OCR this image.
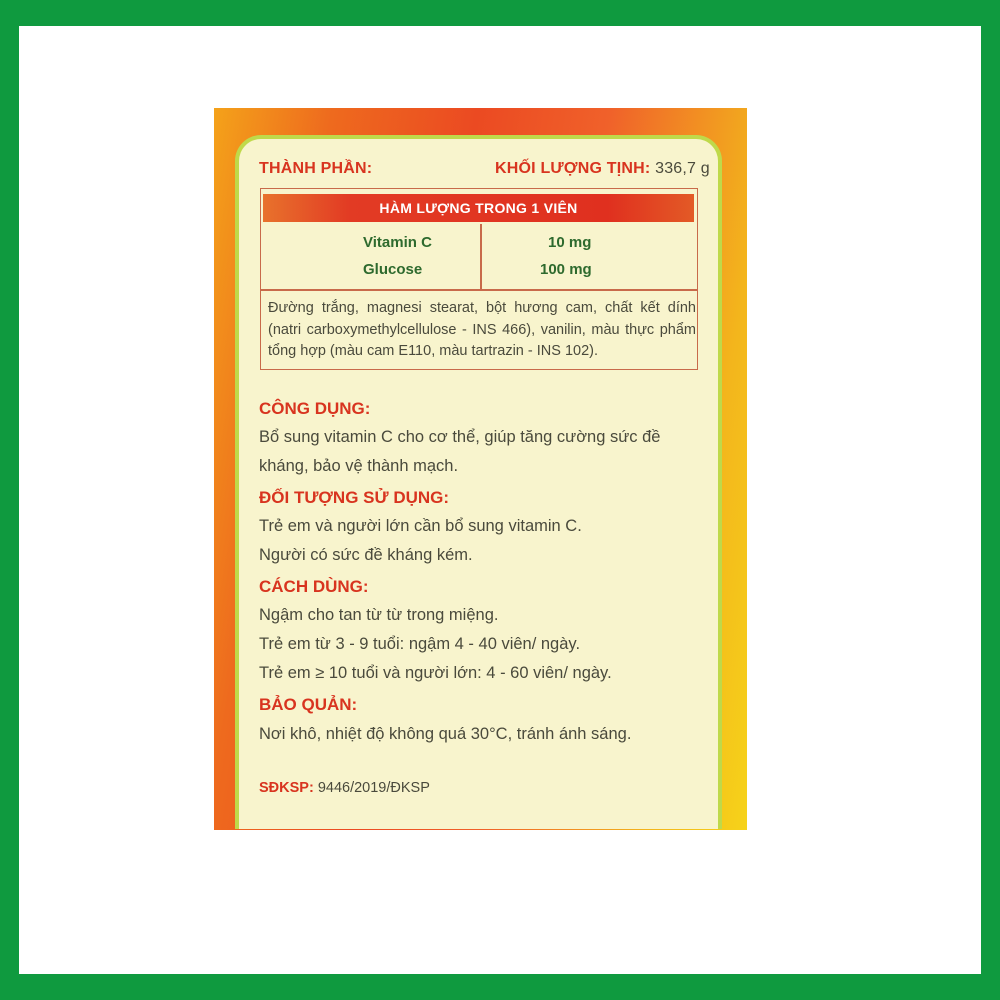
THÀNH PHẦN:	KHỐI LƯỢNG TỊNH: 336,7 g
HÀM LƯỢNG TRONG 1 VIÊN
Vitamin C	10 mg
Glucose	100 mg
Đường trắng, magnesi stearat, bột hương cam, chất kết dính (natri carboxymethylcellulose - INS 466), vanilin, màu thực phẩm tổng hợp (màu cam E110, màu tartrazin - INS 102).
CÔNG DỤNG:
Bổ sung vitamin C cho cơ thể, giúp tăng cường sức đề
kháng, bảo vệ thành mạch.
ĐỐI TƯỢNG SỬ DỤNG:
Trẻ em và người lớn cần bổ sung vitamin C.
Người có sức đề kháng kém.
CÁCH DÙNG:
Ngậm cho tan từ từ trong miệng.
Trẻ em từ 3 - 9 tuổi: ngậm 4 - 40 viên/ ngày.
Trẻ em ≥ 10 tuổi và người lớn: 4 - 60 viên/ ngày.
BẢO QUẢN:
Nơi khô, nhiệt độ không quá 30°C, tránh ánh sáng.
SĐKSP: 9446/2019/ĐKSP
